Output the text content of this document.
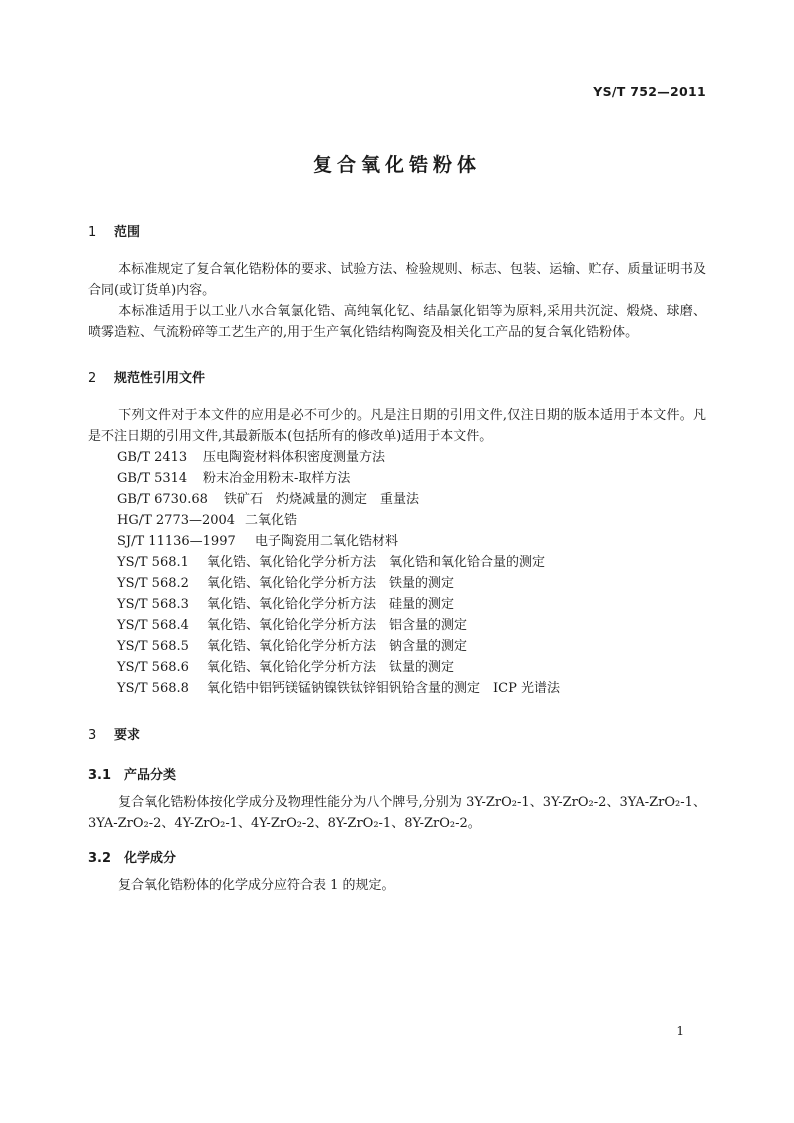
YS/T 752—2011
复合氧化锆粉体
1 范围
本标准规定了复合氧化锆粉体的要求、试验方法、检验规则、标志、包装、运输、贮存、质量证明书及合同(或订货单)内容。
本标准适用于以工业八水合氧氯化锆、高纯氧化钇、结晶氯化铝等为原料,采用共沉淀、煅烧、球磨、喷雾造粒、气流粉碎等工艺生产的,用于生产氧化锆结构陶瓷及相关化工产品的复合氧化锆粉体。
2 规范性引用文件
下列文件对于本文件的应用是必不可少的。凡是注日期的引用文件,仅注日期的版本适用于本文件。凡是不注日期的引用文件,其最新版本(包括所有的修改单)适用于本文件。
GB/T 2413 压电陶瓷材料体积密度测量方法
GB/T 5314 粉末冶金用粉末-取样方法
GB/T 6730.68 铁矿石　灼烧减量的测定　重量法
HG/T 2773—2004 二氧化锆
SJ/T 11136—1997 电子陶瓷用二氧化锆材料
YS/T 568.1 氧化锆、氧化铪化学分析方法　氧化锆和氧化铪合量的测定
YS/T 568.2 氧化锆、氧化铪化学分析方法　铁量的测定
YS/T 568.3 氧化锆、氧化铪化学分析方法　硅量的测定
YS/T 568.4 氧化锆、氧化铪化学分析方法　铝含量的测定
YS/T 568.5 氧化锆、氧化铪化学分析方法　钠含量的测定
YS/T 568.6 氧化锆、氧化铪化学分析方法　钛量的测定
YS/T 568.8 氧化锆中铝钙镁锰钠镍铁钛锌钼钒铪含量的测定　ICP 光谱法
3 要求
3.1 产品分类
复合氧化锆粉体按化学成分及物理性能分为八个牌号,分别为 3Y-ZrO₂-1、3Y-ZrO₂-2、3YA-ZrO₂-1、3YA-ZrO₂-2、4Y-ZrO₂-1、4Y-ZrO₂-2、8Y-ZrO₂-1、8Y-ZrO₂-2。
3.2 化学成分
复合氧化锆粉体的化学成分应符合表 1 的规定。
1
